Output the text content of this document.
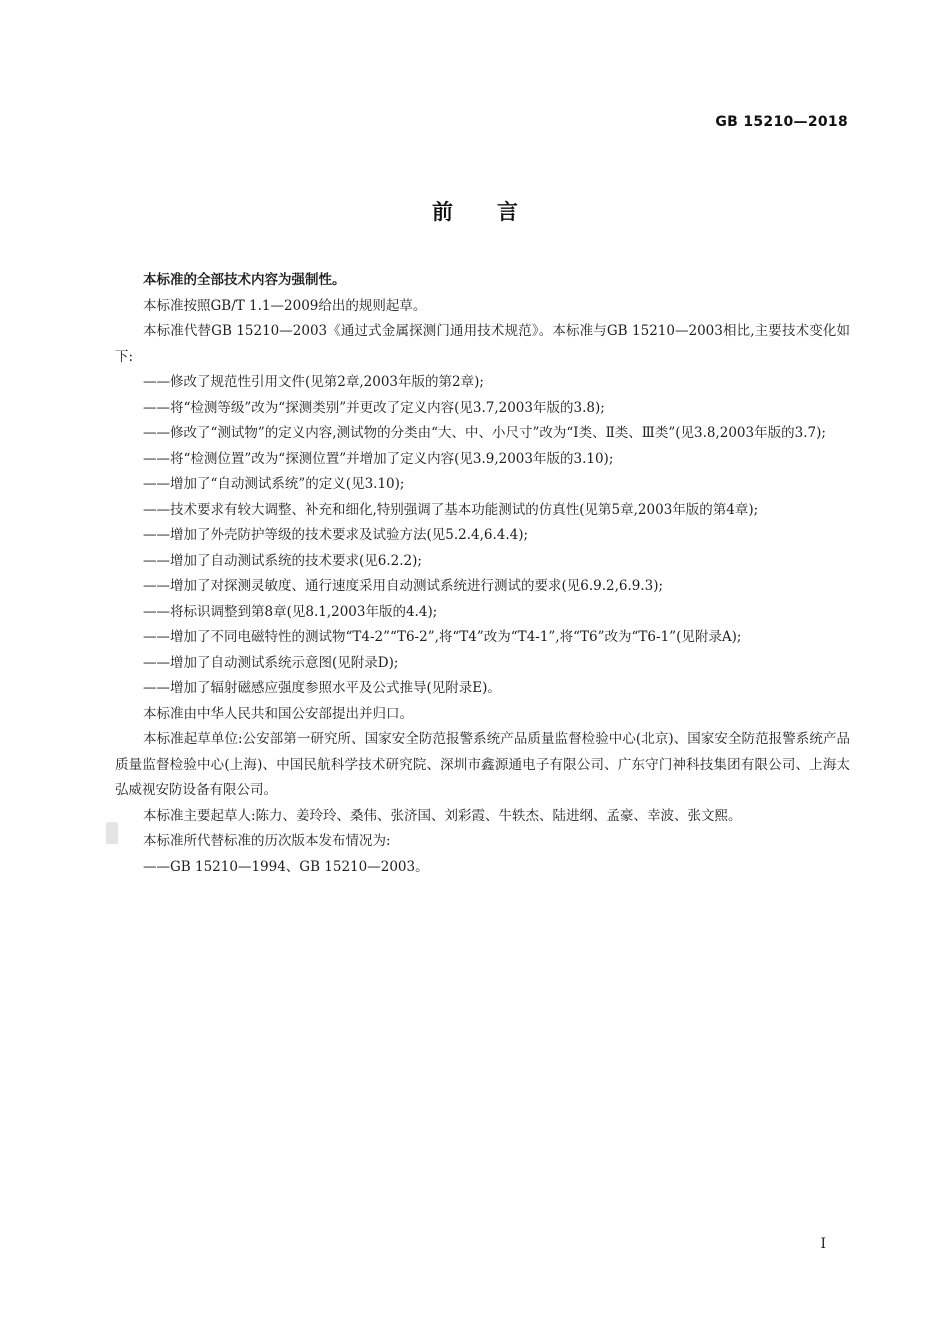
GB 15210—2018
前言

本标准的全部技术内容为强制性。

本标准按照GB/T 1.1—2009给出的规则起草。

本标准代替GB 15210—2003《通过式金属探测门通用技术规范》。本标准与GB 15210—2003相比,主要技术变化如下:

——修改了规范性引用文件(见第2章,2003年版的第2章);
——将“检测等级”改为“探测类别”并更改了定义内容(见3.7,2003年版的3.8);
——修改了“测试物”的定义内容,测试物的分类由“大、中、小尺寸”改为“Ⅰ类、Ⅱ类、Ⅲ类”(见3.8,2003年版的3.7);
——将“检测位置”改为“探测位置”并增加了定义内容(见3.9,2003年版的3.10);
——增加了“自动测试系统”的定义(见3.10);
——技术要求有较大调整、补充和细化,特别强调了基本功能测试的仿真性(见第5章,2003年版的第4章);
——增加了外壳防护等级的技术要求及试验方法(见5.2.4,6.4.4);
——增加了自动测试系统的技术要求(见6.2.2);
——增加了对探测灵敏度、通行速度采用自动测试系统进行测试的要求(见6.9.2,6.9.3);
——将标识调整到第8章(见8.1,2003年版的4.4);
——增加了不同电磁特性的测试物“T4-2”“T6-2”,将“T4”改为“T4-1”,将“T6”改为“T6-1”(见附录A);
——增加了自动测试系统示意图(见附录D);
——增加了辐射磁感应强度参照水平及公式推导(见附录E)。

本标准由中华人民共和国公安部提出并归口。

本标准起草单位:公安部第一研究所、国家安全防范报警系统产品质量监督检验中心(北京)、国家安全防范报警系统产品质量监督检验中心(上海)、中国民航科学技术研究院、深圳市鑫源通电子有限公司、广东守门神科技集团有限公司、上海太弘威视安防设备有限公司。

本标准主要起草人:陈力、姜玲玲、桑伟、张济国、刘彩霞、牛轶杰、陆进纲、孟豪、幸波、张文熙。

本标准所代替标准的历次版本发布情况为:

——GB 15210—1994、GB 15210—2003。

I
